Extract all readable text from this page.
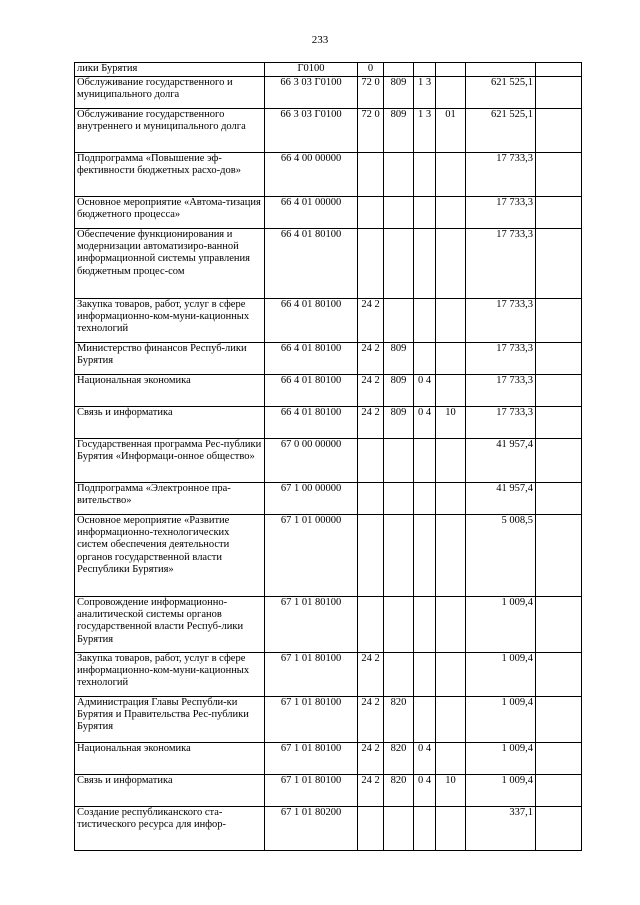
233
лики Бурятия	Г0100	0					
Обслуживание государственного и муниципального долга	66 3 03 Г0100	72 0	809	1 3		621 525,1	
Обслуживание государственного внутреннего и муниципального долга	66 3 03 Г0100	72 0	809	1 3	01	621 525,1	
Подпрограмма «Повышение эф-фективности бюджетных расхо-дов»	66 4 00 00000					17 733,3	
Основное мероприятие «Автома-тизация бюджетного процесса»	66 4 01 00000					17 733,3	
Обеспечение функционирования и модернизации автоматизиро-ванной информационной системы управления бюджетным процес-сом	66 4 01 80100					17 733,3	
Закупка товаров, работ, услуг в сфере информационно-ком-муни-кационных технологий	66 4 01 80100	24 2				17 733,3	
Министерство финансов Респуб-лики Бурятия	66 4 01 80100	24 2	809			17 733,3	
Национальная экономика	66 4 01 80100	24 2	809	0 4		17 733,3	
Связь и информатика	66 4 01 80100	24 2	809	0 4	10	17 733,3	
Государственная программа Рес-публики Бурятия «Информаци-онное общество»	67 0 00 00000					41 957,4	
Подпрограмма «Электронное пра-вительство»	67 1 00 00000					41 957,4	
Основное мероприятие «Развитие информационно-технологических систем обеспечения деятельности органов государственной власти Республики Бурятия»	67 1 01 00000					5 008,5	
Сопровождение информационно-аналитической системы органов государственной власти Респуб-лики Бурятия	67 1 01 80100					1 009,4	
Закупка товаров, работ, услуг в сфере информационно-ком-муни-кационных технологий	67 1 01 80100	24 2				1 009,4	
Администрация Главы Республи-ки Бурятия и Правительства Рес-публики Бурятия	67 1 01 80100	24 2	820			1 009,4	
Национальная экономика	67 1 01 80100	24 2	820	0 4		1 009,4	
Связь и информатика	67 1 01 80100	24 2	820	0 4	10	1 009,4	
Создание республиканского ста-тистического ресурса для инфор-	67 1 01 80200					337,1	
